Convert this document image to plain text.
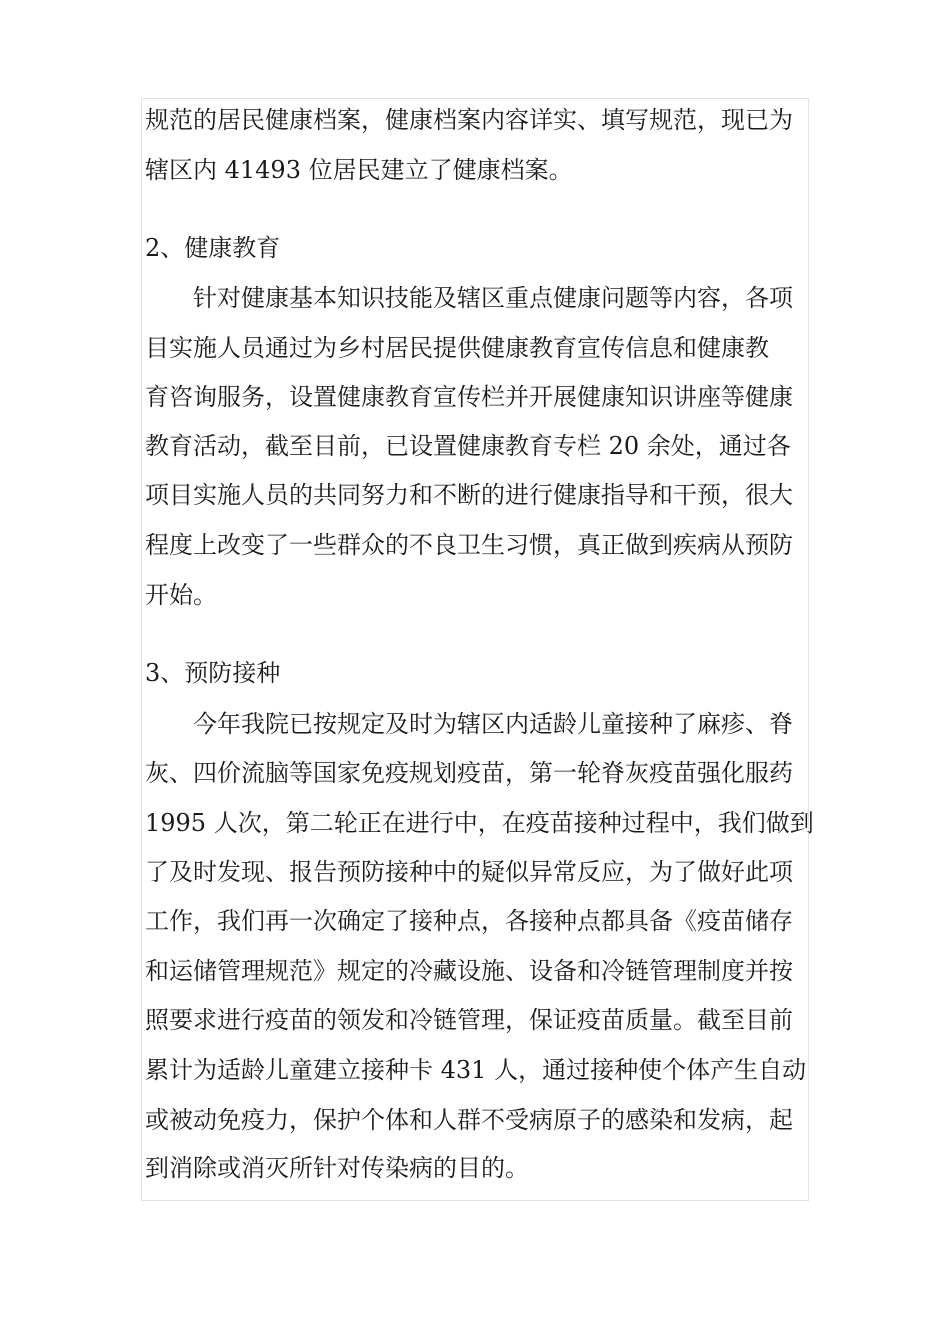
规范的居民健康档案，健康档案内容详实、填写规范，现已为
辖区内 41493 位居民建立了健康档案。
2、健康教育
针对健康基本知识技能及辖区重点健康问题等内容，各项
目实施人员通过为乡村居民提供健康教育宣传信息和健康教
育咨询服务，设置健康教育宣传栏并开展健康知识讲座等健康
教育活动，截至目前，已设置健康教育专栏 20 余处，通过各
项目实施人员的共同努力和不断的进行健康指导和干预，很大
程度上改变了一些群众的不良卫生习惯，真正做到疾病从预防
开始。
3、预防接种
今年我院已按规定及时为辖区内适龄儿童接种了麻疹、脊
灰、四价流脑等国家免疫规划疫苗，第一轮脊灰疫苗强化服药
1995 人次，第二轮正在进行中，在疫苗接种过程中，我们做到
了及时发现、报告预防接种中的疑似异常反应，为了做好此项
工作，我们再一次确定了接种点，各接种点都具备《疫苗储存
和运储管理规范》规定的冷藏设施、设备和冷链管理制度并按
照要求进行疫苗的领发和冷链管理，保证疫苗质量。截至目前
累计为适龄儿童建立接种卡 431 人，通过接种使个体产生自动
或被动免疫力，保护个体和人群不受病原子的感染和发病，起
到消除或消灭所针对传染病的目的。
